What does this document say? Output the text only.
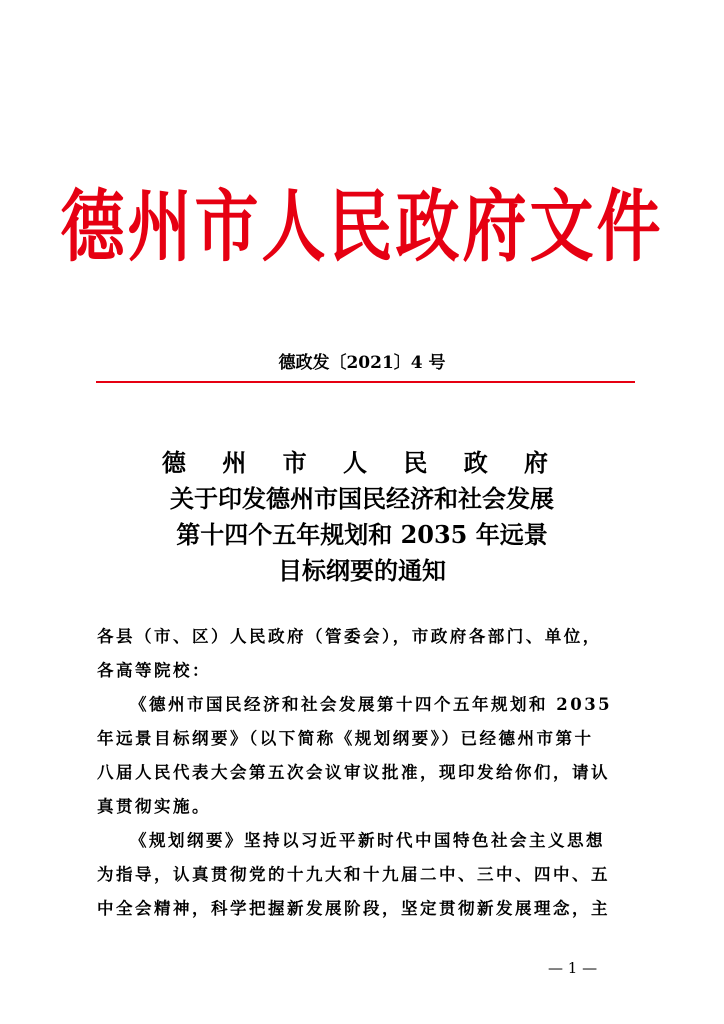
德州市人民政府文件
德政发〔2021〕4 号
德 州 市 人 民 政 府
关于印发德州市国民经济和社会发展
第十四个五年规划和 2035 年远景
目标纲要的通知
各县（市、区）人民政府（管委会），市政府各部门、单位，
各高等院校：
《德州市国民经济和社会发展第十四个五年规划和 2035
年远景目标纲要》（以下简称《规划纲要》）已经德州市第十
八届人民代表大会第五次会议审议批准，现印发给你们，请认
真贯彻实施。
《规划纲要》坚持以习近平新时代中国特色社会主义思想
为指导，认真贯彻党的十九大和十九届二中、三中、四中、五
中全会精神，科学把握新发展阶段，坚定贯彻新发展理念，主
— 1 —
